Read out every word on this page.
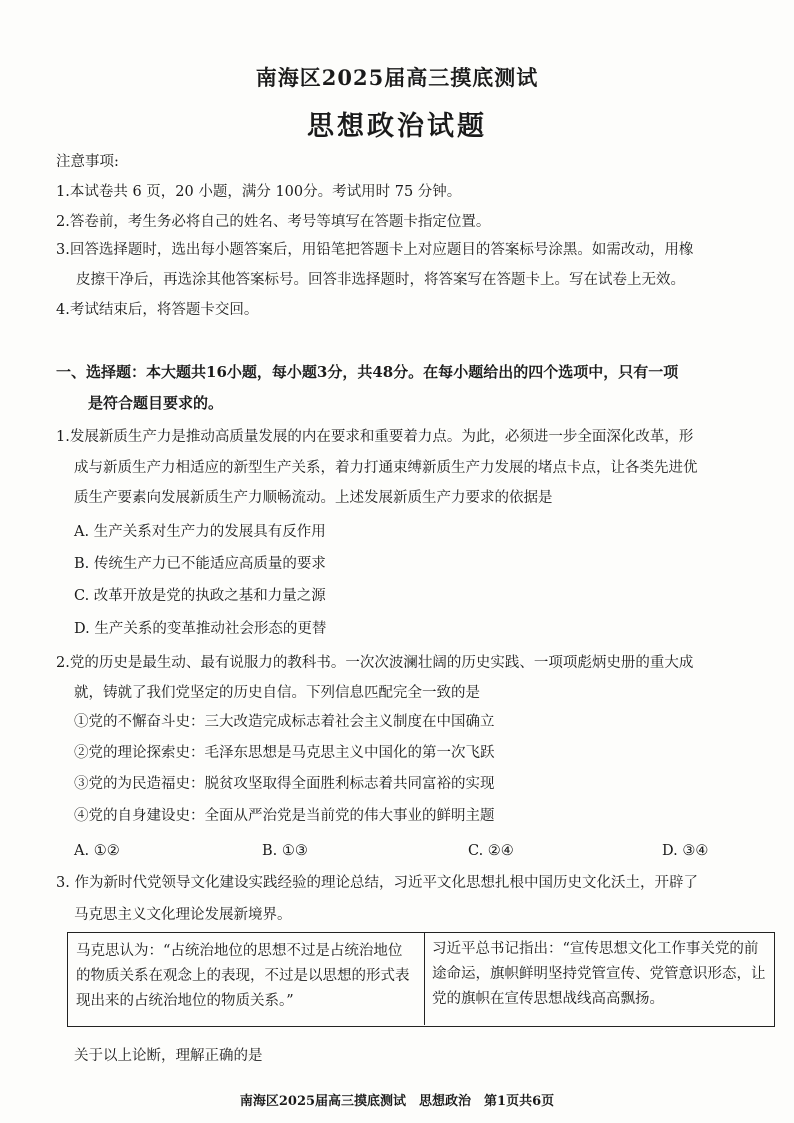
南海区2025届高三摸底测试
思想政治试题
注意事项:
1.本试卷共 6 页，20 小题，满分 100分。考试用时 75 分钟。
2.答卷前，考生务必将自己的姓名、考号等填写在答题卡指定位置。
3.回答选择题时，选出每小题答案后，用铅笔把答题卡上对应题目的答案标号涂黑。如需改动，用橡
皮擦干净后，再选涂其他答案标号。回答非选择题时，将答案写在答题卡上。写在试卷上无效。
4.考试结束后，将答题卡交回。
一、选择题：本大题共16小题，每小题3分，共48分。在每小题给出的四个选项中，只有一项
是符合题目要求的。
1.发展新质生产力是推动高质量发展的内在要求和重要着力点。为此，必须进一步全面深化改革，形
成与新质生产力相适应的新型生产关系，着力打通束缚新质生产力发展的堵点卡点，让各类先进优
质生产要素向发展新质生产力顺畅流动。上述发展新质生产力要求的依据是
A. 生产关系对生产力的发展具有反作用
B. 传统生产力已不能适应高质量的要求
C. 改革开放是党的执政之基和力量之源
D. 生产关系的变革推动社会形态的更替
2.党的历史是最生动、最有说服力的教科书。一次次波澜壮阔的历史实践、一项项彪炳史册的重大成
就，铸就了我们党坚定的历史自信。下列信息匹配完全一致的是
①党的不懈奋斗史：三大改造完成标志着社会主义制度在中国确立
②党的理论探索史：毛泽东思想是马克思主义中国化的第一次飞跃
③党的为民造福史：脱贫攻坚取得全面胜利标志着共同富裕的实现
④党的自身建设史：全面从严治党是当前党的伟大事业的鲜明主题
A. ①②	B. ①③	C. ②④	D. ③④
3. 作为新时代党领导文化建设实践经验的理论总结，习近平文化思想扎根中国历史文化沃土，开辟了
马克思主义文化理论发展新境界。
马克思认为：“占统治地位的思想不过是占统治地位的物质关系在观念上的表现，不过是以思想的形式表现出来的占统治地位的物质关系。”
习近平总书记指出：“宣传思想文化工作事关党的前途命运，旗帜鲜明坚持党管宣传、党管意识形态，让党的旗帜在宣传思想战线高高飘扬。
关于以上论断，理解正确的是
南海区2025届高三摸底测试　思想政治　第1页共6页
